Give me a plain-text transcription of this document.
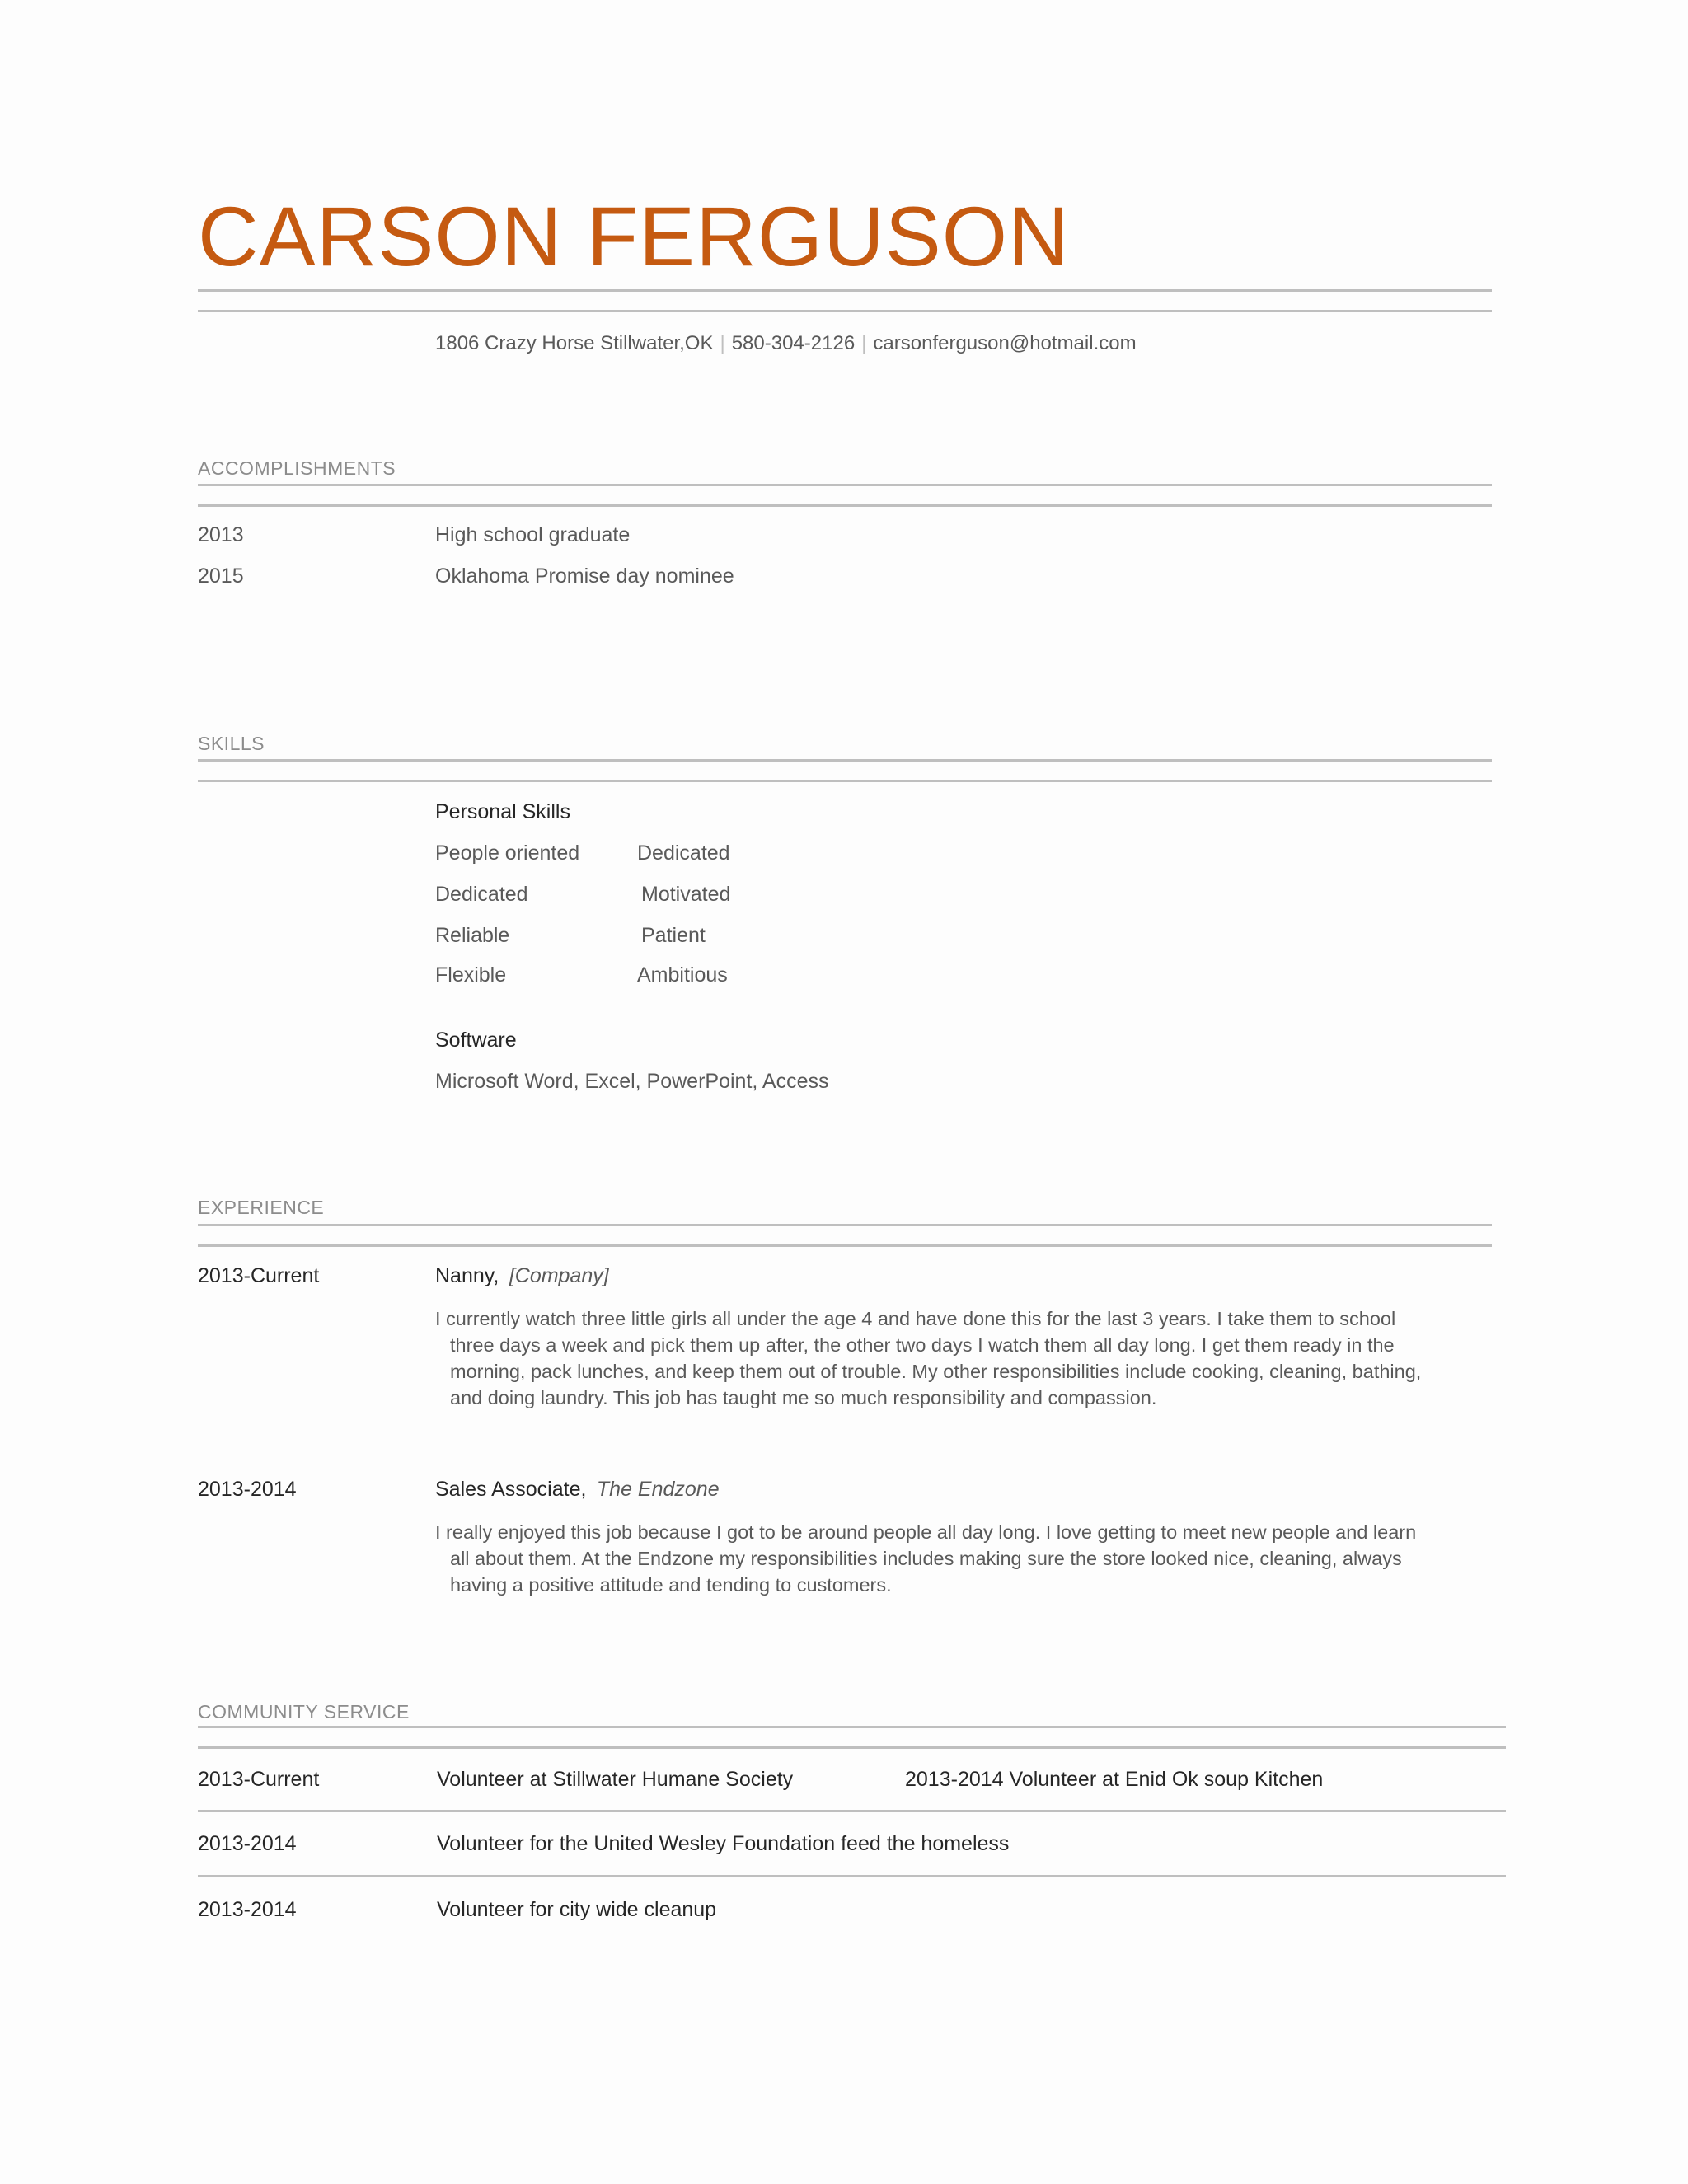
CARSON FERGUSON
1806 Crazy Horse Stillwater,OK | 580-304-2126 | carsonferguson@hotmail.com
ACCOMPLISHMENTS
2013	High school graduate
2015	Oklahoma Promise day nominee
SKILLS
Personal Skills
People oriented	Dedicated
Dedicated	Motivated
Reliable	Patient
Flexible	Ambitious
Software
Microsoft Word, Excel, PowerPoint, Access
EXPERIENCE
2013-Current	Nanny, [Company]
I currently watch three little girls all under the age 4 and have done this for the last 3 years. I take them to school three days a week and pick them up after, the other two days I watch them all day long. I get them ready in the morning, pack lunches, and keep them out of trouble. My other responsibilities include cooking, cleaning, bathing, and doing laundry. This job has taught me so much responsibility and compassion.
2013-2014	Sales Associate, The Endzone
I really enjoyed this job because I got to be around people all day long. I love getting to meet new people and learn all about them. At the Endzone my responsibilities includes making sure the store looked nice, cleaning, always having a positive attitude and tending to customers.
COMMUNITY SERVICE
2013-Current	Volunteer at Stillwater Humane Society	2013-2014 Volunteer at Enid Ok soup Kitchen
2013-2014	Volunteer for the United Wesley Foundation feed the homeless
2013-2014	Volunteer for city wide cleanup
